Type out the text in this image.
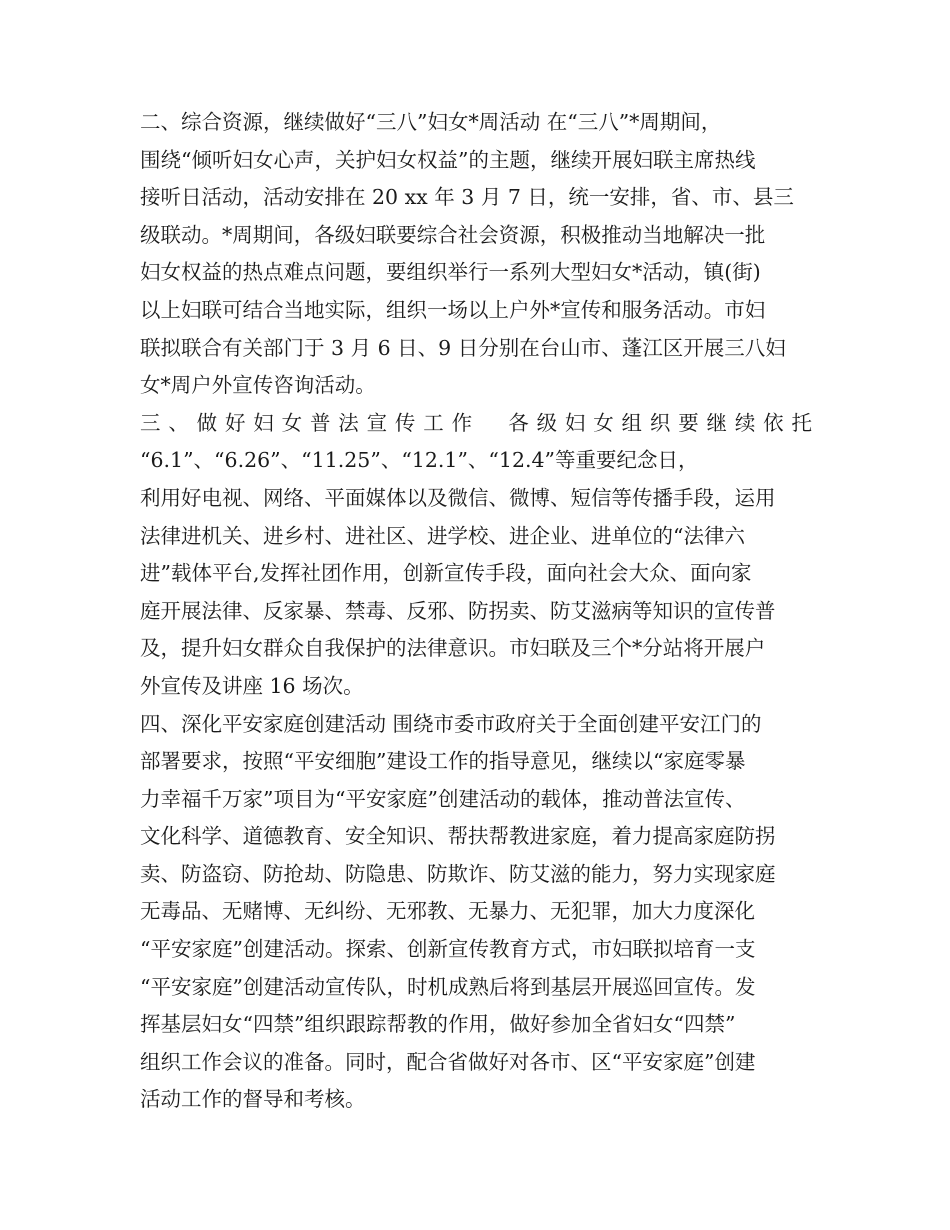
二、综合资源，继续做好“三八”妇女*周活动 在“三八”*周期间，
围绕“倾听妇女心声，关护妇女权益”的主题，继续开展妇联主席热线
接听日活动，活动安排在 20 xx 年 3 月 7 日，统一安排，省、市、县三
级联动。*周期间，各级妇联要综合社会资源，积极推动当地解决一批
妇女权益的热点难点问题，要组织举行一系列大型妇女*活动，镇(街)
以上妇联可结合当地实际，组织一场以上户外*宣传和服务活动。市妇
联拟联合有关部门于 3 月 6 日、9 日分别在台山市、蓬江区开展三八妇
女*周户外宣传咨询活动。
三、做好妇女普法宣传工作　各级妇女组织要继续依托
“6.1”、“6.26”、“11.25”、“12.1”、“12.4”等重要纪念日，
利用好电视、网络、平面媒体以及微信、微博、短信等传播手段，运用
法律进机关、进乡村、进社区、进学校、进企业、进单位的“法律六
进”载体平台,发挥社团作用，创新宣传手段，面向社会大众、面向家
庭开展法律、反家暴、禁毒、反邪、防拐卖、防艾滋病等知识的宣传普
及，提升妇女群众自我保护的法律意识。市妇联及三个*分站将开展户
外宣传及讲座 16 场次。
四、深化平安家庭创建活动 围绕市委市政府关于全面创建平安江门的
部署要求，按照“平安细胞”建设工作的指导意见，继续以“家庭零暴
力幸福千万家”项目为“平安家庭”创建活动的载体，推动普法宣传、
文化科学、道德教育、安全知识、帮扶帮教进家庭，着力提高家庭防拐
卖、防盗窃、防抢劫、防隐患、防欺诈、防艾滋的能力，努力实现家庭
无毒品、无赌博、无纠纷、无邪教、无暴力、无犯罪，加大力度深化
“平安家庭”创建活动。探索、创新宣传教育方式，市妇联拟培育一支
“平安家庭”创建活动宣传队，时机成熟后将到基层开展巡回宣传。发
挥基层妇女“四禁”组织跟踪帮教的作用，做好参加全省妇女“四禁”
组织工作会议的准备。同时，配合省做好对各市、区“平安家庭”创建
活动工作的督导和考核。
